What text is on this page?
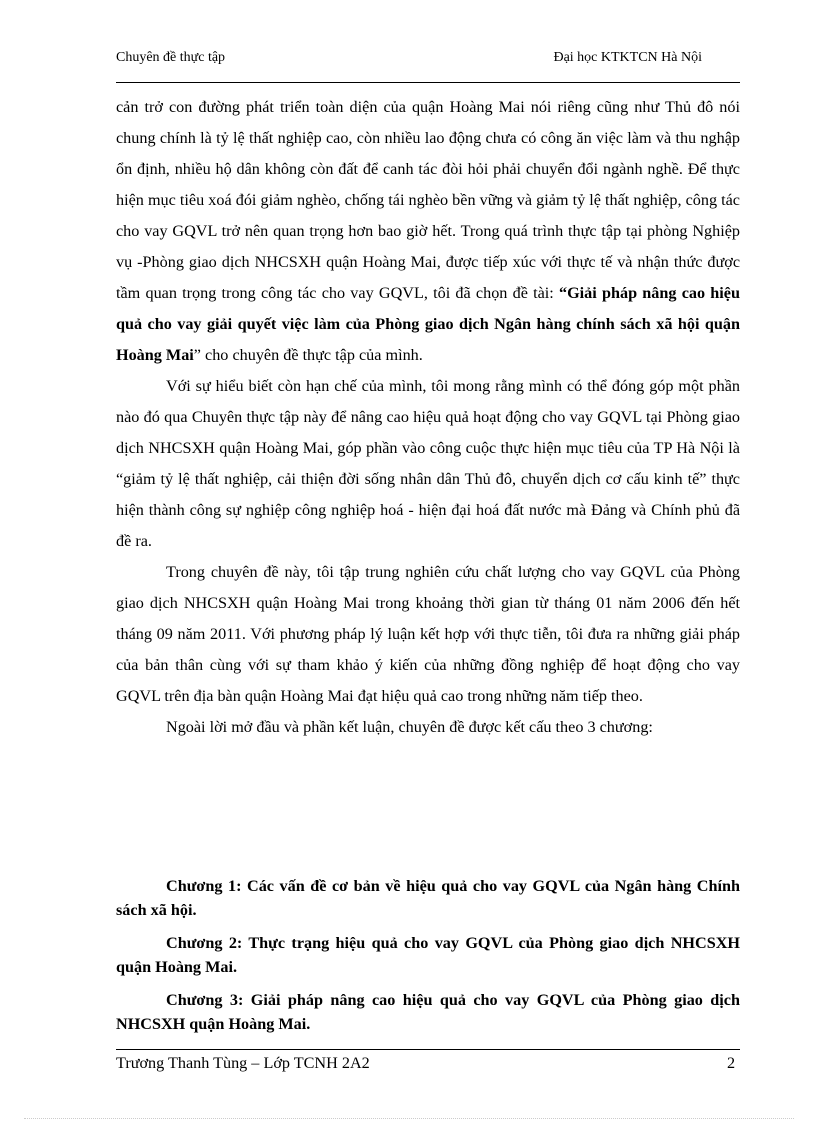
Chuyên đề thực tập	Đại học KTKTCN Hà Nội

cản trở con đường phát triển toàn diện của quận Hoàng Mai nói riêng cũng như Thủ đô nói chung chính là tỷ lệ thất nghiệp cao, còn nhiều lao động chưa có công ăn việc làm và thu nghập ổn định, nhiều hộ dân không còn đất để canh tác đòi hỏi phải chuyển đổi ngành nghề. Để thực hiện mục tiêu xoá đói giảm nghèo, chống tái nghèo bền vững và giảm tỷ lệ thất nghiệp, công tác cho vay GQVL trở nên quan trọng hơn bao giờ hết. Trong quá trình thực tập tại phòng Nghiệp vụ -Phòng giao dịch NHCSXH quận Hoàng Mai, được tiếp xúc với thực tế và nhận thức được tầm quan trọng trong công tác cho vay GQVL, tôi đã chọn đề tài: “Giải pháp nâng cao hiệu quả cho vay giải quyết việc làm của Phòng giao dịch Ngân hàng chính sách xã hội quận Hoàng Mai” cho chuyên đề thực tập của mình.

Với sự hiểu biết còn hạn chế của mình, tôi mong rằng mình có thể đóng góp một phần nào đó qua Chuyên thực tập này để nâng cao hiệu quả hoạt động cho vay GQVL tại Phòng giao dịch NHCSXH quận Hoàng Mai, góp phần vào công cuộc thực hiện mục tiêu của TP Hà Nội là “giảm tỷ lệ thất nghiệp, cải thiện đời sống nhân dân Thủ đô, chuyển dịch cơ cấu kinh tế” thực hiện thành công sự nghiệp công nghiệp hoá - hiện đại hoá đất nước mà Đảng và Chính phủ đã đề ra.

Trong chuyên đề này, tôi tập trung nghiên cứu chất lượng cho vay GQVL của Phòng giao dịch NHCSXH quận Hoàng Mai trong khoảng thời gian từ tháng 01 năm 2006 đến hết tháng 09 năm 2011. Với phương pháp lý luận kết hợp với thực tiễn, tôi đưa ra những giải pháp của bản thân cùng với sự tham khảo ý kiến của những đồng nghiệp để hoạt động cho vay GQVL trên địa bàn quận Hoàng Mai đạt hiệu quả cao trong những năm tiếp theo.

Ngoài lời mở đầu và phần kết luận, chuyên đề được kết cấu theo 3 chương:

Chương 1: Các vấn đề cơ bản về hiệu quả cho vay GQVL của Ngân hàng Chính sách xã hội.

Chương 2: Thực trạng hiệu quả cho vay GQVL của Phòng giao dịch NHCSXH quận Hoàng Mai.

Chương 3: Giải pháp nâng cao hiệu quả cho vay GQVL của Phòng giao dịch NHCSXH quận Hoàng Mai.

Trương Thanh Tùng – Lớp TCNH 2A2	2
